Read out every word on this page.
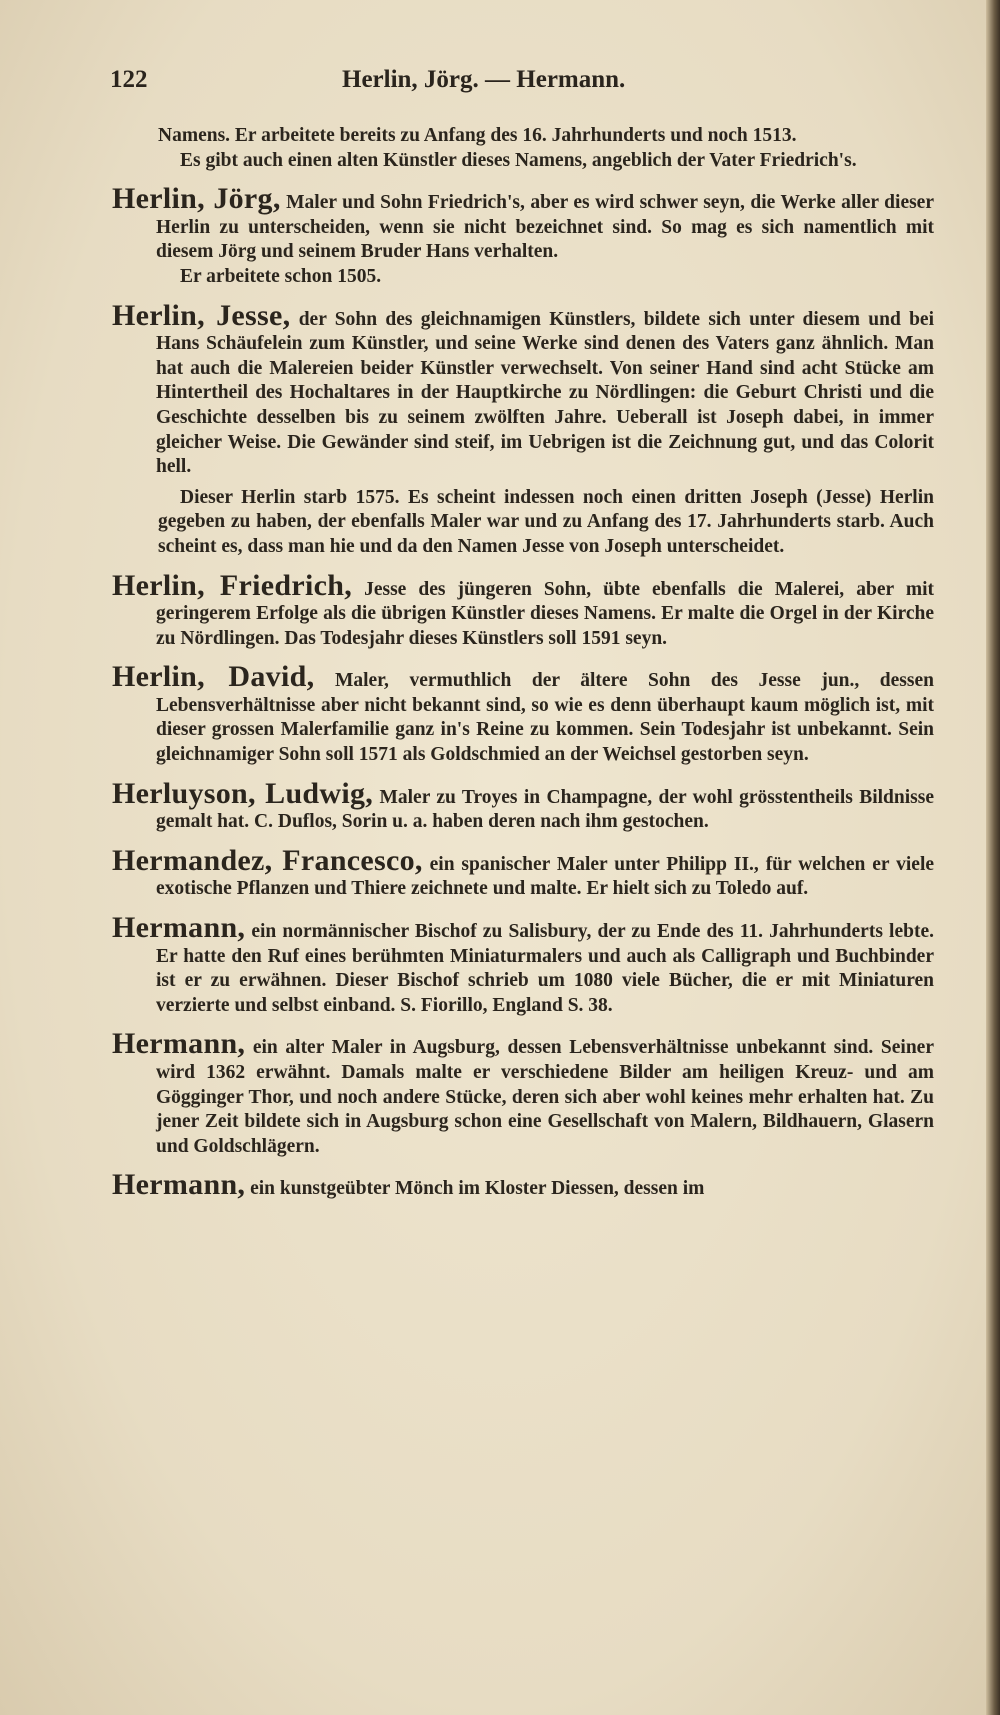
122	Herlin, Jörg. — Hermann.

Namens. Er arbeitete bereits zu Anfang des 16. Jahrhunderts und noch 1513.

Es gibt auch einen alten Künstler dieses Namens, angeblich der Vater Friedrich's.

Herlin, Jörg, Maler und Sohn Friedrich's, aber es wird schwer seyn, die Werke aller dieser Herlin zu unterscheiden, wenn sie nicht bezeichnet sind. So mag es sich namentlich mit diesem Jörg und seinem Bruder Hans verhalten.

Er arbeitete schon 1505.

Herlin, Jesse, der Sohn des gleichnamigen Künstlers, bildete sich unter diesem und bei Hans Schäufelein zum Künstler, und seine Werke sind denen des Vaters ganz ähnlich. Man hat auch die Malereien beider Künstler verwechselt. Von seiner Hand sind acht Stücke am Hintertheil des Hochaltares in der Hauptkirche zu Nördlingen: die Geburt Christi und die Geschichte desselben bis zu seinem zwölften Jahre. Ueberall ist Joseph dabei, in immer gleicher Weise. Die Gewänder sind steif, im Uebrigen ist die Zeichnung gut, und das Colorit hell.

Dieser Herlin starb 1575. Es scheint indessen noch einen dritten Joseph (Jesse) Herlin gegeben zu haben, der ebenfalls Maler war und zu Anfang des 17. Jahrhunderts starb. Auch scheint es, dass man hie und da den Namen Jesse von Joseph unterscheidet.

Herlin, Friedrich, Jesse des jüngeren Sohn, übte ebenfalls die Malerei, aber mit geringerem Erfolge als die übrigen Künstler dieses Namens. Er malte die Orgel in der Kirche zu Nördlingen. Das Todesjahr dieses Künstlers soll 1591 seyn.

Herlin, David, Maler, vermuthlich der ältere Sohn des Jesse jun., dessen Lebensverhältnisse aber nicht bekannt sind, so wie es denn überhaupt kaum möglich ist, mit dieser grossen Malerfamilie ganz in's Reine zu kommen. Sein Todesjahr ist unbekannt. Sein gleichnamiger Sohn soll 1571 als Goldschmied an der Weichsel gestorben seyn.

Herluyson, Ludwig, Maler zu Troyes in Champagne, der wohl grösstentheils Bildnisse gemalt hat. C. Duflos, Sorin u. a. haben deren nach ihm gestochen.

Hermandez, Francesco, ein spanischer Maler unter Philipp II., für welchen er viele exotische Pflanzen und Thiere zeichnete und malte. Er hielt sich zu Toledo auf.

Hermann, ein normännischer Bischof zu Salisbury, der zu Ende des 11. Jahrhunderts lebte. Er hatte den Ruf eines berühmten Miniaturmalers und auch als Calligraph und Buchbinder ist er zu erwähnen. Dieser Bischof schrieb um 1080 viele Bücher, die er mit Miniaturen verzierte und selbst einband. S. Fiorillo, England S. 38.

Hermann, ein alter Maler in Augsburg, dessen Lebensverhältnisse unbekannt sind. Seiner wird 1362 erwähnt. Damals malte er verschiedene Bilder am heiligen Kreuz- und am Gögginger Thor, und noch andere Stücke, deren sich aber wohl keines mehr erhalten hat. Zu jener Zeit bildete sich in Augsburg schon eine Gesellschaft von Malern, Bildhauern, Glasern und Goldschlägern.

Hermann, ein kunstgeübter Mönch im Kloster Diessen, dessen im
